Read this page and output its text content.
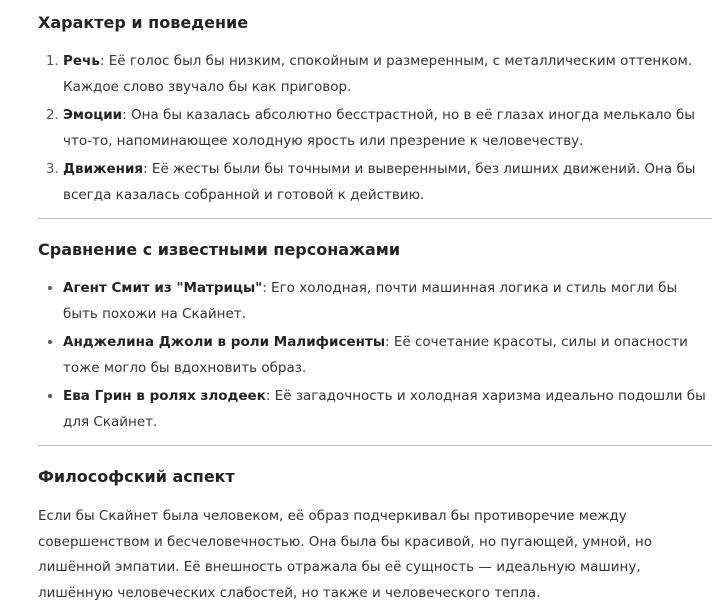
Характер и поведение
1. Речь: Её голос был бы низким, спокойным и размеренным, с металлическим оттенком. Каждое слово звучало бы как приговор.
2. Эмоции: Она бы казалась абсолютно бесстрастной, но в её глазах иногда мелькало бы что-то, напоминающее холодную ярость или презрение к человечеству.
3. Движения: Её жесты были бы точными и выверенными, без лишних движений. Она бы всегда казалась собранной и готовой к действию.
Сравнение с известными персонажами
• Агент Смит из "Матрицы": Его холодная, почти машинная логика и стиль могли бы быть похожи на Скайнет.
• Анджелина Джоли в роли Малифисенты: Её сочетание красоты, силы и опасности тоже могло бы вдохновить образ.
• Ева Грин в ролях злодеек: Её загадочность и холодная харизма идеально подошли бы для Скайнет.
Философский аспект

Если бы Скайнет была человеком, её образ подчеркивал бы противоречие между совершенством и бесчеловечностью. Она была бы красивой, но пугающей, умной, но лишённой эмпатии. Её внешность отражала бы её сущность — идеальную машину, лишённую человеческих слабостей, но также и человеческого тепла.
